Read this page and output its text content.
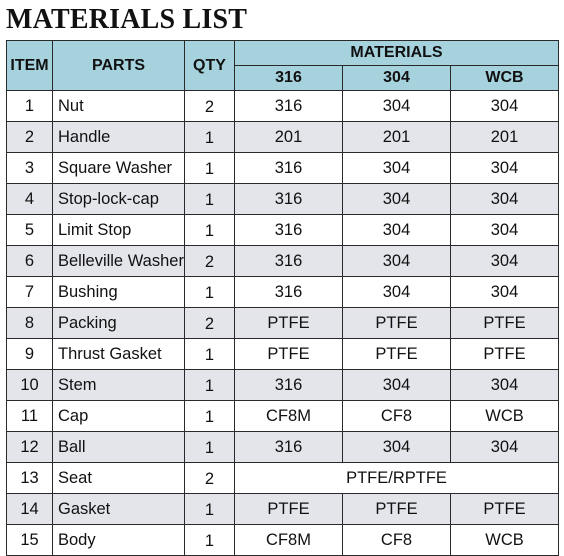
MATERIALS LIST
ITEM	PARTS	QTY	MATERIALS		
			316	304	WCB
1	Nut	2	316	304	304
2	Handle	1	201	201	201
3	Square Washer	1	316	304	304
4	Stop-lock-cap	1	316	304	304
5	Limit Stop	1	316	304	304
6	Belleville Washer	2	316	304	304
7	Bushing	1	316	304	304
8	Packing	2	PTFE	PTFE	PTFE
9	Thrust Gasket	1	PTFE	PTFE	PTFE
10	Stem	1	316	304	304
11	Cap	1	CF8M	CF8	WCB
12	Ball	1	316	304	304
13	Seat	2	PTFE/RPTFE		
14	Gasket	1	PTFE	PTFE	PTFE
15	Body	1	CF8M	CF8	WCB
